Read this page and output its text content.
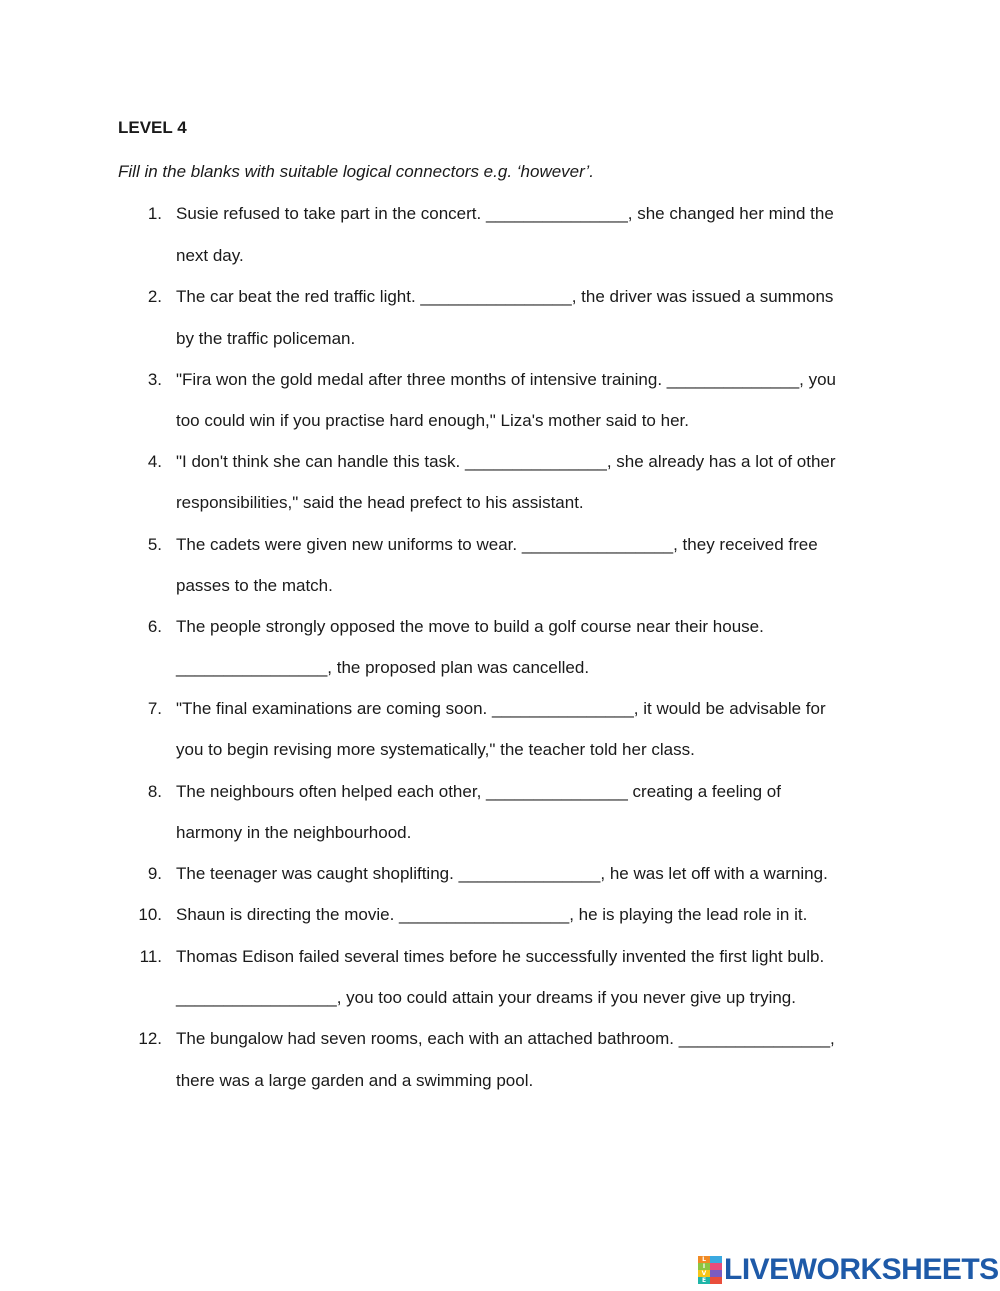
LEVEL 4

Fill in the blanks with suitable logical connectors e.g. ‘however’.

1. Susie refused to take part in the concert. _______________, she changed her mind the
next day.
2. The car beat the red traffic light. ________________, the driver was issued a summons
by the traffic policeman.
3. "Fira won the gold medal after three months of intensive training. ______________, you
too could win if you practise hard enough," Liza's mother said to her.
4. "I don't think she can handle this task. _______________, she already has a lot of other
responsibilities," said the head prefect to his assistant.
5. The cadets were given new uniforms to wear. ________________, they received free
passes to the match.
6. The people strongly opposed the move to build a golf course near their house.
________________, the proposed plan was cancelled.
7. "The final examinations are coming soon. _______________, it would be advisable for
you to begin revising more systematically," the teacher told her class.
8. The neighbours often helped each other, _______________ creating a feeling of
harmony in the neighbourhood.
9. The teenager was caught shoplifting. _______________, he was let off with a warning.
10. Shaun is directing the movie. __________________, he is playing the lead role in it.
11. Thomas Edison failed several times before he successfully invented the first light bulb.
_________________, you too could attain your dreams if you never give up trying.
12. The bungalow had seven rooms, each with an attached bathroom. ________________,
there was a large garden and a swimming pool.
L
I
V
E LIVEWORKSHEETS
